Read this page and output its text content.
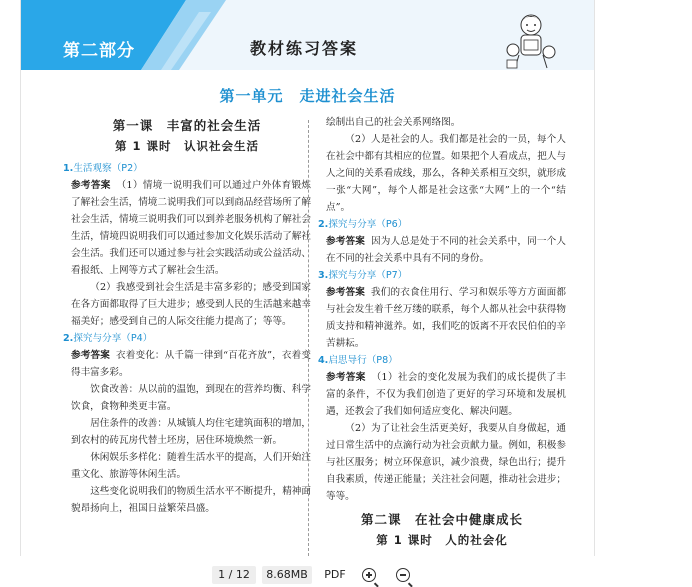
第二部分	教材练习答案
第一单元　走进社会生活
第一课　丰富的社会生活
第 1 课时　认识社会生活

1.生活观察（P2）

参考答案 （1）情境一说明我们可以通过户外体育锻炼了解社会生活，情境二说明我们可以到商品经营场所了解社会生活，情境三说明我们可以到养老服务机构了解社会生活，情境四说明我们可以通过参加文化娱乐活动了解社会生活。我们还可以通过参与社会实践活动或公益活动、看报纸、上网等方式了解社会生活。

（2）我感受到社会生活是丰富多彩的；感受到国家在各方面都取得了巨大进步；感受到人民的生活越来越幸福美好；感受到自己的人际交往能力提高了；等等。

2.探究与分享（P4）

参考答案 衣着变化：从千篇一律到“百花齐放”，衣着变得丰富多彩。

饮食改善：从以前的温饱，到现在的营养均衡、科学饮食，食物种类更丰富。

居住条件的改善：从城镇人均住宅建筑面积的增加，到农村的砖瓦房代替土坯房，居住环境焕然一新。

休闲娱乐多样化：随着生活水平的提高，人们开始注重文化、旅游等休闲生活。

这些变化说明我们的物质生活水平不断提升，精神面貌昂扬向上，祖国日益繁荣昌盛。

绘制出自己的社会关系网络图。

（2）人是社会的人。我们都是社会的一员，每个人在社会中都有其相应的位置。如果把个人看成点，把人与人之间的关系看成线，那么，各种关系相互交织，就形成一张“大网”，每个人都是社会这张“大网”上的一个“结点”。

2.探究与分享（P6）

参考答案 因为人总是处于不同的社会关系中，同一个人在不同的社会关系中具有不同的身份。

3.探究与分享（P7）

参考答案 我们的衣食住用行、学习和娱乐等方方面面都与社会发生着千丝万缕的联系，每个人都从社会中获得物质支持和精神滋养。如，我们吃的饭离不开农民伯伯的辛苦耕耘。

4.启思导行（P8）

参考答案 （1）社会的变化发展为我们的成长提供了丰富的条件，不仅为我们创造了更好的学习环境和发展机遇，还教会了我们如何适应变化、解决问题。

（2）为了让社会生活更美好，我要从自身做起，通过日常生活中的点滴行动为社会贡献力量。例如，积极参与社区服务；树立环保意识，减少浪费，绿色出行；提升自我素质，传递正能量；关注社会问题，推动社会进步；等等。

第二课　在社会中健康成长
第 1 课时　人的社会化
1 / 12	8.68MB	PDF
